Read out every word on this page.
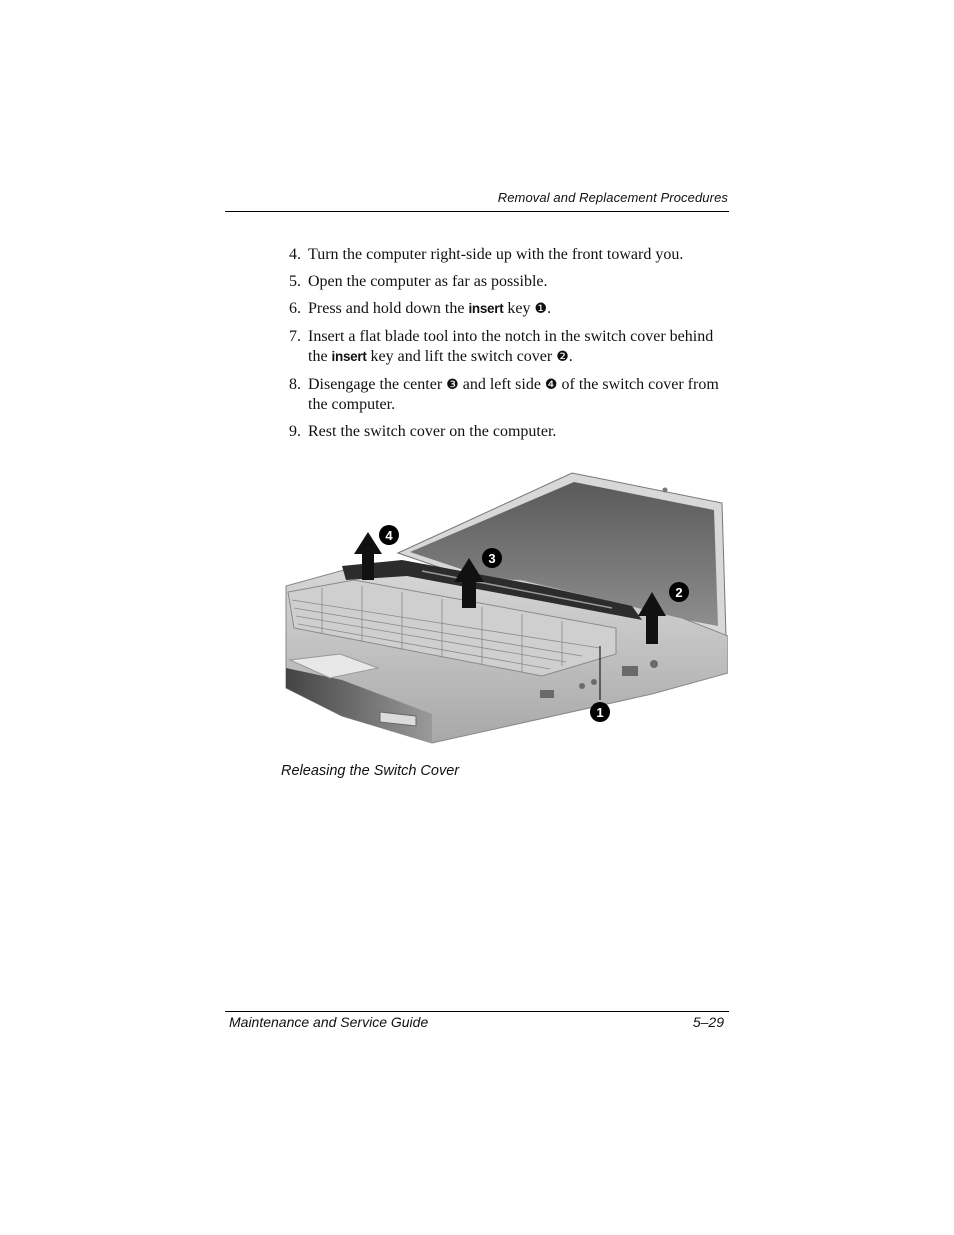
Removal and Replacement Procedures
4. Turn the computer right-side up with the front toward you.
5. Open the computer as far as possible.
6. Press and hold down the insert key ❶.
7. Insert a flat blade tool into the notch in the switch cover behind the insert key and lift the switch cover ❷.
8. Disengage the center ❸ and left side ❹ of the switch cover from the computer.
9. Rest the switch cover on the computer.
1
2
3
4
Releasing the Switch Cover
Maintenance and Service Guide	5–29
